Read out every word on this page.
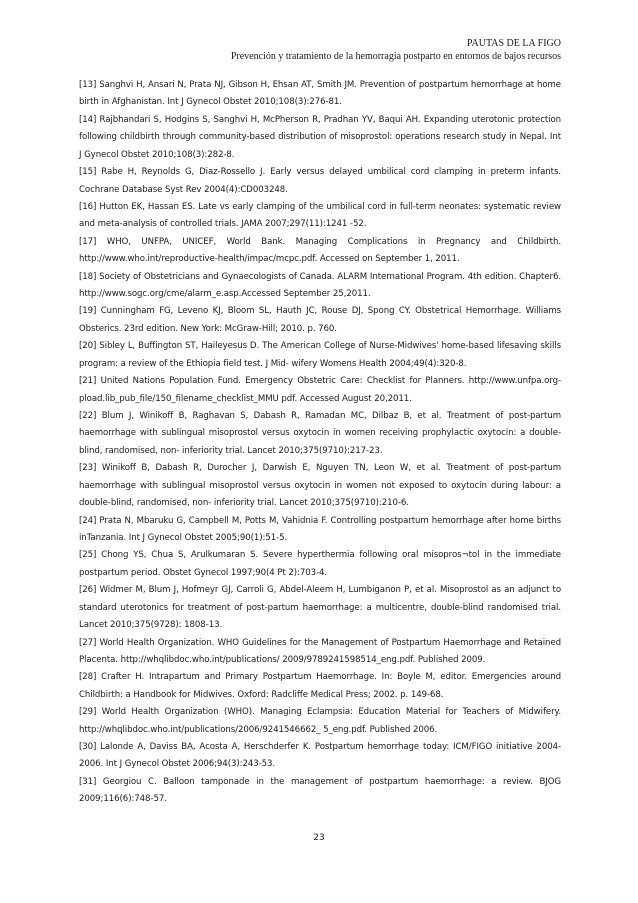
PAUTAS DE LA FIGO
Prevención y tratamiento de la hemorragia postparto en entornos de bajos recursos

[13] Sanghvi H, Ansari N, Prata NJ, Gibson H, Ehsan AT, Smith JM. Prevention of postpartum hemorrhage at home birth in Afghanistan. Int J Gynecol Obstet 2010;108(3):276-81.

[14] Rajbhandari S, Hodgins S, Sanghvi H, McPherson R, Pradhan YV, Baqui AH. Expanding uterotonic protection following childbirth through community-based distribution of misoprostol: operations research study in Nepal. Int J Gynecol Obstet 2010;108(3):282-8.

[15] Rabe H, Reynolds G, Diaz-Rossello J. Early versus delayed umbilical cord clamping in preterm infants. Cochrane Database Syst Rev 2004(4):CD003248.

[16] Hutton EK, Hassan ES. Late vs early clamping of the umbilical cord in full-term neonates: systematic review and meta-analysis of controlled trials. JAMA 2007;297(11):1241 -52.

[17] WHO, UNFPA, UNICEF, World Bank. Managing Complications in Pregnancy and Childbirth. http://www.who.int/reproductive-health/impac/mcpc.pdf. Accessed on September 1, 2011.

[18] Society of Obstetricians and Gynaecologists of Canada. ALARM International Program. 4th edition. Chapter6. http://www.sogc.org/cme/alarm_e.asp.Accessed September 25,2011.

[19] Cunningham FG, Leveno KJ, Bloom SL, Hauth JC, Rouse DJ, Spong CY. Obstetrical Hemorrhage. Williams Obsterics. 23rd edition. New York: McGraw-Hill; 2010. p. 760.

[20] Sibley L, Buffington ST, Haileyesus D. The American College of Nurse-Midwives' home-based lifesaving skills program: a review of the Ethiopia field test. J Mid- wifery Womens Health 2004;49(4):320-8.

[21] United Nations Population Fund. Emergency Obstetric Care: Checklist for Planners. http://www.unfpa.org-pload.lib_pub_file/150_filename_checklist_MMU pdf. Accessed August 20,2011.

[22] Blum J, Winikoff B, Raghavan S, Dabash R, Ramadan MC, Dilbaz B, et al. Treatment of post-partum haemorrhage with sublingual misoprostol versus oxytocin in women receiving prophylactic oxytocin: a double-blind, randomised, non- inferiority trial. Lancet 2010;375(9710):217-23.

[23] Winikoff B, Dabash R, Durocher J, Darwish E, Nguyen TN, Leon W, et al. Treatment of post-partum haemorrhage with sublingual misoprostol versus oxytocin in women not exposed to oxytocin during labour: a double-blind, randomised, non- inferiority trial. Lancet 2010;375(9710):210-6.

[24] Prata N, Mbaruku G, Campbell M, Potts M, Vahidnia F. Controlling postpartum hemorrhage after home births inTanzania. Int J Gynecol Obstet 2005;90(1):51-5.

[25] Chong YS, Chua S, Arulkumaran S. Severe hyperthermia following oral misopros¬tol in the immediate postpartum period. Obstet Gynecol 1997;90(4 Pt 2):703-4.

[26] Widmer M, Blum J, Hofmeyr GJ, Carroli G, Abdel-Aleem H, Lumbiganon P, et al. Misoprostol as an adjunct to standard uterotonics for treatment of post-partum haemorrhage: a multicentre, double-blind randomised trial. Lancet 2010;375(9728): 1808-13.

[27] World Health Organization. WHO Guidelines for the Management of Postpartum Haemorrhage and Retained Placenta. http://whqlibdoc.who.int/publications/ 2009/9789241598514_eng.pdf. Published 2009.

[28] Crafter H. Intrapartum and Primary Postpartum Haemorrhage. In: Boyle M, editor. Emergencies around Childbirth: a Handbook for Midwives. Oxford: Radcliffe Medical Press; 2002. p. 149-68.

[29] World Health Organization (WHO). Managing Eclampsia: Education Material for Teachers of Midwifery. http://whqlibdoc.who.int/publications/2006/9241546662_ 5_eng.pdf. Published 2006.

[30] Lalonde A, Daviss BA, Acosta A, Herschderfer K. Postpartum hemorrhage today: ICM/FIGO initiative 2004-2006. Int J Gynecol Obstet 2006;94(3):243-53.

[31] Georgiou C. Balloon tamponade in the management of postpartum haemorrhage: a review. BJOG 2009;116(6):748-57.

23
